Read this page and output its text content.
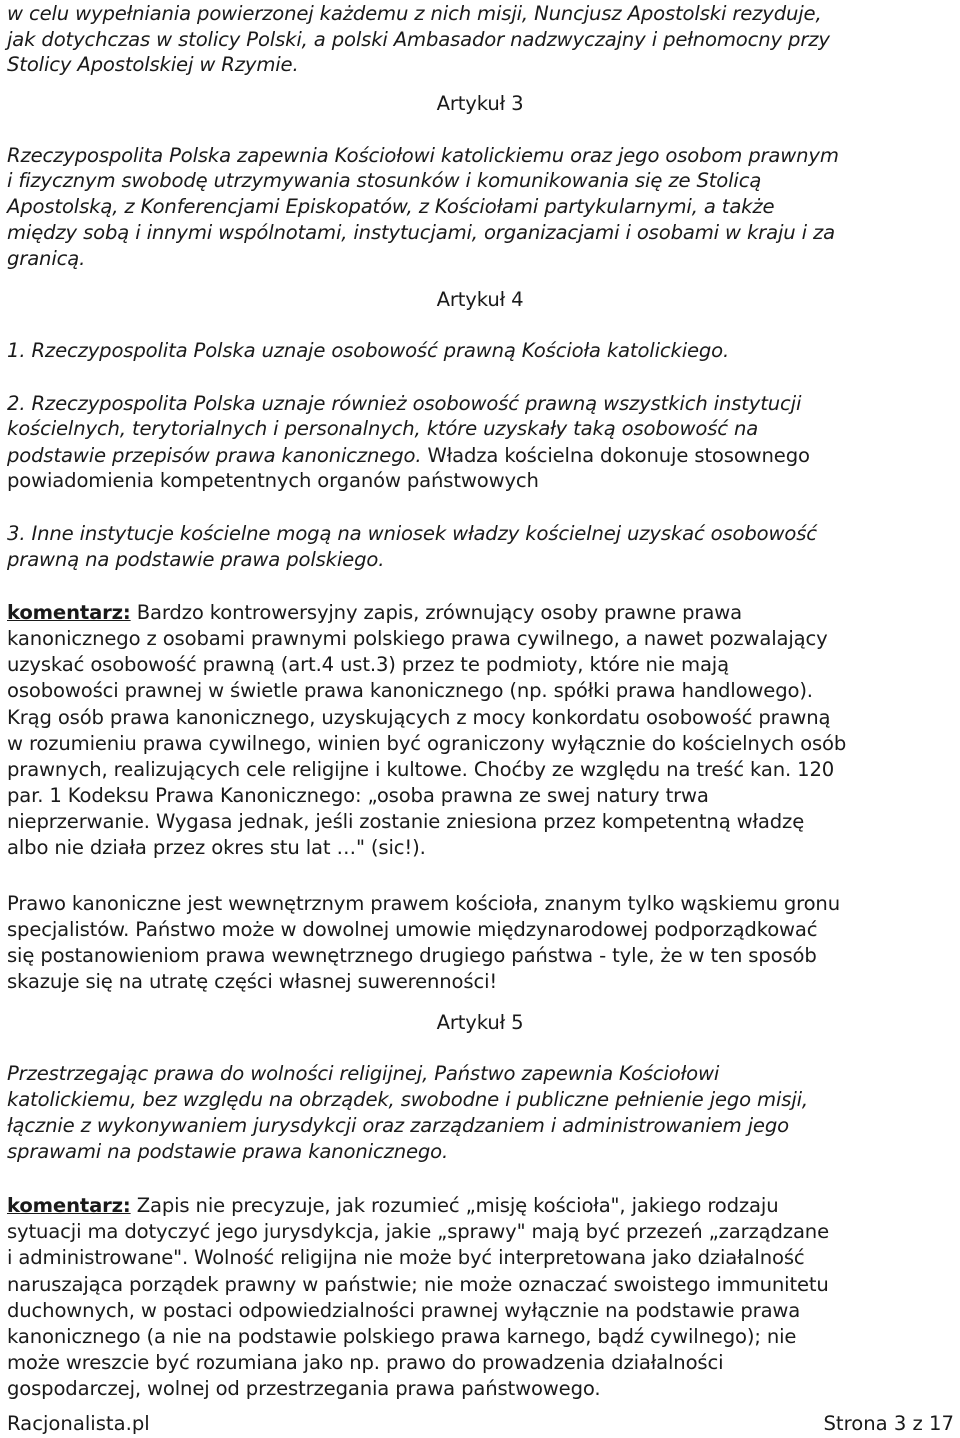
w celu wypełniania powierzonej każdemu z nich misji, Nuncjusz Apostolski rezyduje,
jak dotychczas w stolicy Polski, a polski Ambasador nadzwyczajny i pełnomocny przy
Stolicy Apostolskiej w Rzymie.
Artykuł 3
Rzeczypospolita Polska zapewnia Kościołowi katolickiemu oraz jego osobom prawnym
i fizycznym swobodę utrzymywania stosunków i komunikowania się ze Stolicą
Apostolską, z Konferencjami Episkopatów, z Kościołami partykularnymi, a także
między sobą i innymi wspólnotami, instytucjami, organizacjami i osobami w kraju i za
granicą.
Artykuł 4
1. Rzeczypospolita Polska uznaje osobowość prawną Kościoła katolickiego.
2. Rzeczypospolita Polska uznaje również osobowość prawną wszystkich instytucji
kościelnych, terytorialnych i personalnych, które uzyskały taką osobowość na
podstawie przepisów prawa kanonicznego. Władza kościelna dokonuje stosownego
powiadomienia kompetentnych organów państwowych
3. Inne instytucje kościelne mogą na wniosek władzy kościelnej uzyskać osobowość
prawną na podstawie prawa polskiego.
komentarz: Bardzo kontrowersyjny zapis, zrównujący osoby prawne prawa
kanonicznego z osobami prawnymi polskiego prawa cywilnego, a nawet pozwalający
uzyskać osobowość prawną (art.4 ust.3) przez te podmioty, które nie mają
osobowości prawnej w świetle prawa kanonicznego (np. spółki prawa handlowego).
Krąg osób prawa kanonicznego, uzyskujących z mocy konkordatu osobowość prawną
w rozumieniu prawa cywilnego, winien być ograniczony wyłącznie do kościelnych osób
prawnych, realizujących cele religijne i kultowe. Choćby ze względu na treść kan. 120
par. 1 Kodeksu Prawa Kanonicznego: „osoba prawna ze swej natury trwa
nieprzerwanie. Wygasa jednak, jeśli zostanie zniesiona przez kompetentną władzę
albo nie działa przez okres stu lat …" (sic!).
Prawo kanoniczne jest wewnętrznym prawem kościoła, znanym tylko wąskiemu gronu
specjalistów. Państwo może w dowolnej umowie międzynarodowej podporządkować
się postanowieniom prawa wewnętrznego drugiego państwa - tyle, że w ten sposób
skazuje się na utratę części własnej suwerenności!
Artykuł 5
Przestrzegając prawa do wolności religijnej, Państwo zapewnia Kościołowi
katolickiemu, bez względu na obrządek, swobodne i publiczne pełnienie jego misji,
łącznie z wykonywaniem jurysdykcji oraz zarządzaniem i administrowaniem jego
sprawami na podstawie prawa kanonicznego.
komentarz: Zapis nie precyzuje, jak rozumieć „misję kościoła", jakiego rodzaju
sytuacji ma dotyczyć jego jurysdykcja, jakie „sprawy" mają być przezeń „zarządzane
i administrowane". Wolność religijna nie może być interpretowana jako działalność
naruszająca porządek prawny w państwie; nie może oznaczać swoistego immunitetu
duchownych, w postaci odpowiedzialności prawnej wyłącznie na podstawie prawa
kanonicznego (a nie na podstawie polskiego prawa karnego, bądź cywilnego); nie
może wreszcie być rozumiana jako np. prawo do prowadzenia działalności
gospodarczej, wolnej od przestrzegania prawa państwowego.
Racjonalista.pl	Strona 3 z 17
